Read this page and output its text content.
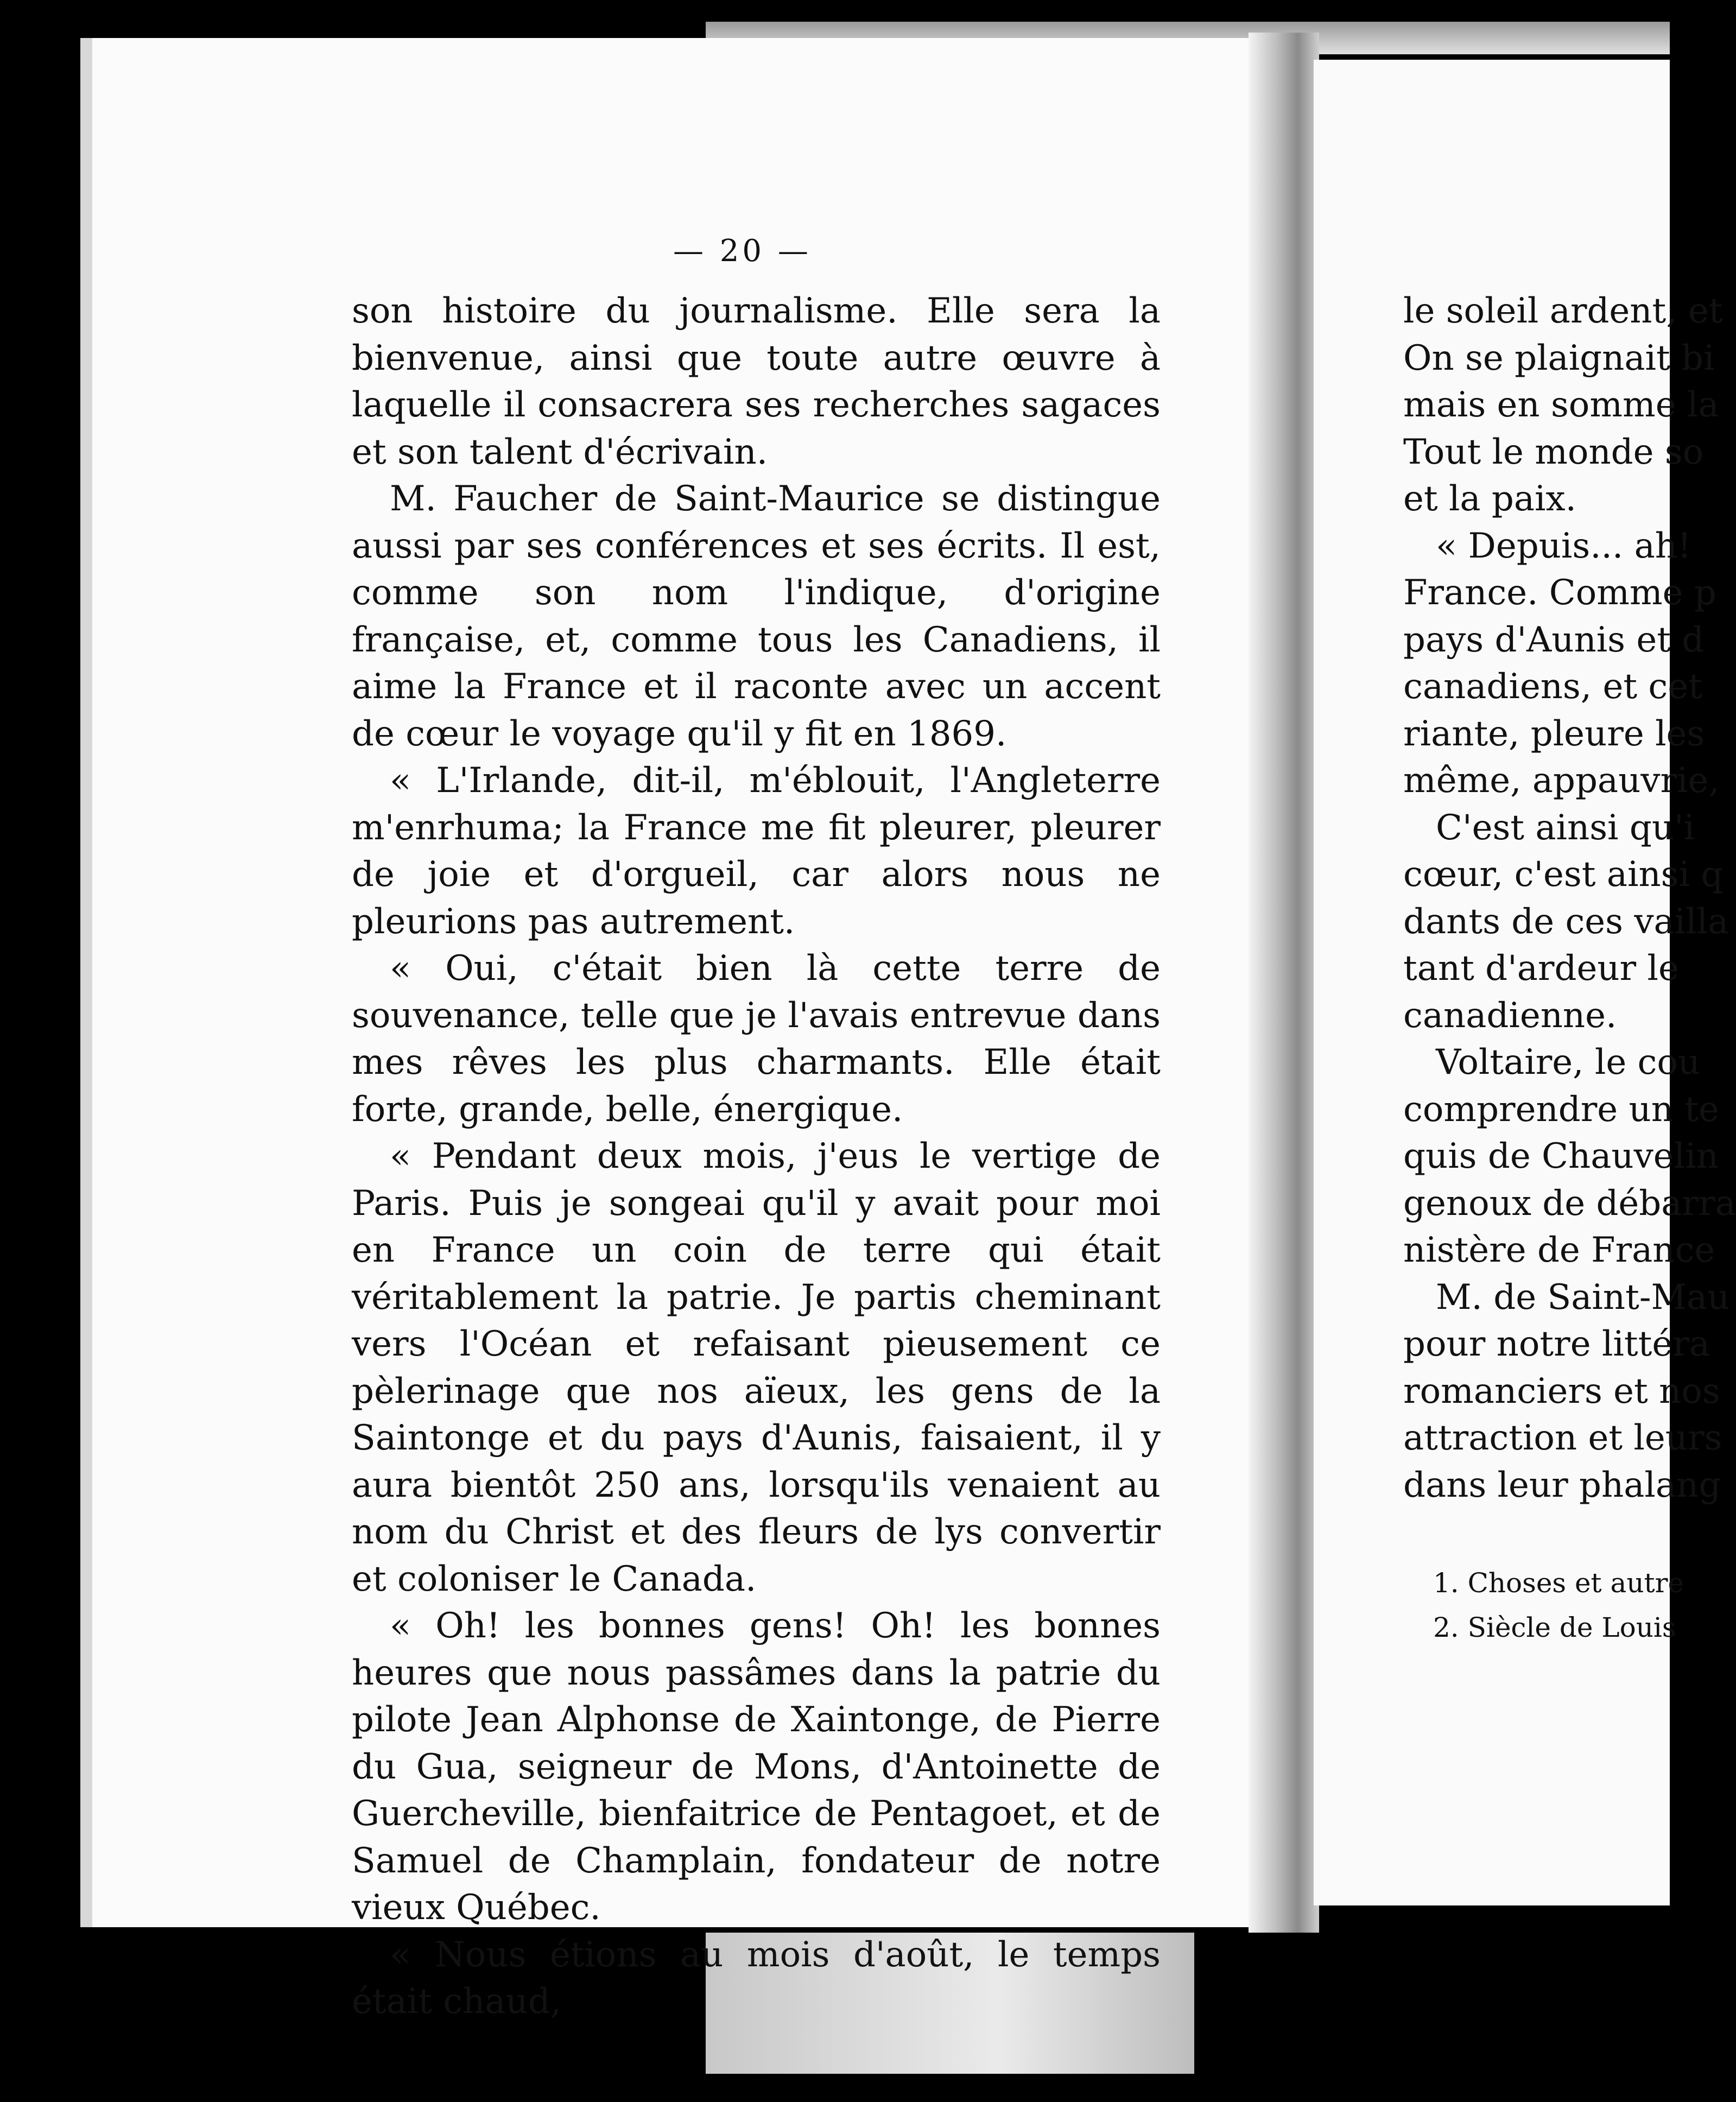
— 20 —

son histoire du journalisme. Elle sera la bienvenue, ainsi que toute autre œuvre à laquelle il consacrera ses recherches sagaces et son talent d'écrivain.

M. Faucher de Saint-Maurice se distingue aussi par ses conférences et ses écrits. Il est, comme son nom l'indique, d'origine française, et, comme tous les Canadiens, il aime la France et il raconte avec un accent de cœur le voyage qu'il y fit en 1869.

« L'Irlande, dit-il, m'éblouit, l'Angleterre m'enrhuma; la France me fit pleurer, pleurer de joie et d'orgueil, car alors nous ne pleurions pas autrement.

« Oui, c'était bien là cette terre de souvenance, telle que je l'avais entrevue dans mes rêves les plus charmants. Elle était forte, grande, belle, énergique.

« Pendant deux mois, j'eus le vertige de Paris. Puis je songeai qu'il y avait pour moi en France un coin de terre qui était véritablement la patrie. Je partis cheminant vers l'Océan et refaisant pieusement ce pèlerinage que nos aïeux, les gens de la Saintonge et du pays d'Aunis, faisaient, il y aura bientôt 250 ans, lorsqu'ils venaient au nom du Christ et des fleurs de lys convertir et coloniser le Canada.

« Oh! les bonnes gens! Oh! les bonnes heures que nous passâmes dans la patrie du pilote Jean Alphonse de Xaintonge, de Pierre du Gua, seigneur de Mons, d'Antoinette de Guercheville, bienfaitrice de Pentagoet, et de Samuel de Champlain, fondateur de notre vieux Québec.

« Nous étions au mois d'août, le temps était chaud,

le soleil ardent, et
On se plaignait bi
mais en somme la
Tout le monde so
et la paix.
« Depuis... ah!
France. Comme p
pays d'Aunis et d
canadiens, et cet
riante, pleure les
même, appauvrie,
C'est ainsi qu'i
cœur, c'est ainsi q
dants de ces vailla
tant d'ardeur le
canadienne.
Voltaire, le cou
comprendre un te
quis de Chauvelin
genoux de débarra
nistère de France
M. de Saint-Mau
pour notre littéra
romanciers et nos
attraction et leurs
dans leur phalang
1. Choses et autre
2. Siècle de Louis
